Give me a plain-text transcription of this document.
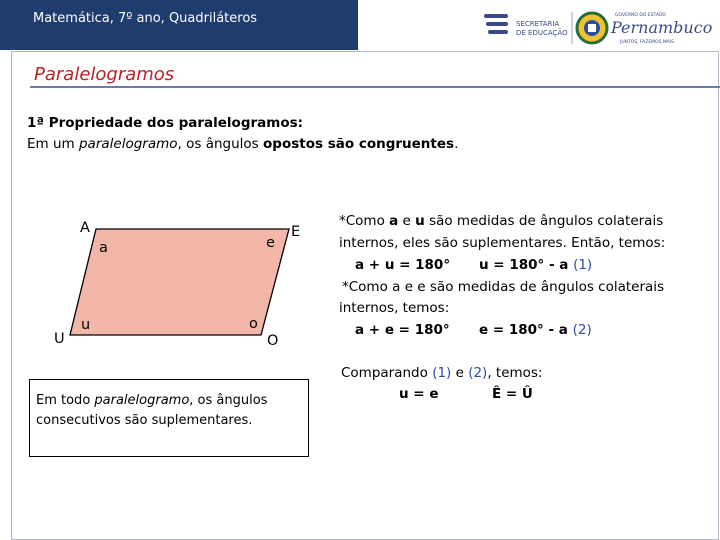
Matemática, 7º ano, Quadriláteros	SECRETARIA
DE EDUCAÇÃO
GOVERNO DO ESTADO
Pernambuco
JUNTOS, FAZEMOS MAIS
Paralelogramos
1ª Propriedade dos paralelogramos:
Em um paralelogramo, os ângulos opostos são congruentes.
A	E
U	O
a	e
u	o
Em todo paralelogramo, os ângulos
consecutivos são suplementares.
*Como a e u são medidas de ângulos colaterais
internos, eles são suplementares. Então, temos:
a + u = 180° u = 180° - a (1)
*Como a e e são medidas de ângulos colaterais
internos, temos:
a + e = 180° e = 180° - a (2)
Comparando (1) e (2), temos:
u = e	Ê = Û
